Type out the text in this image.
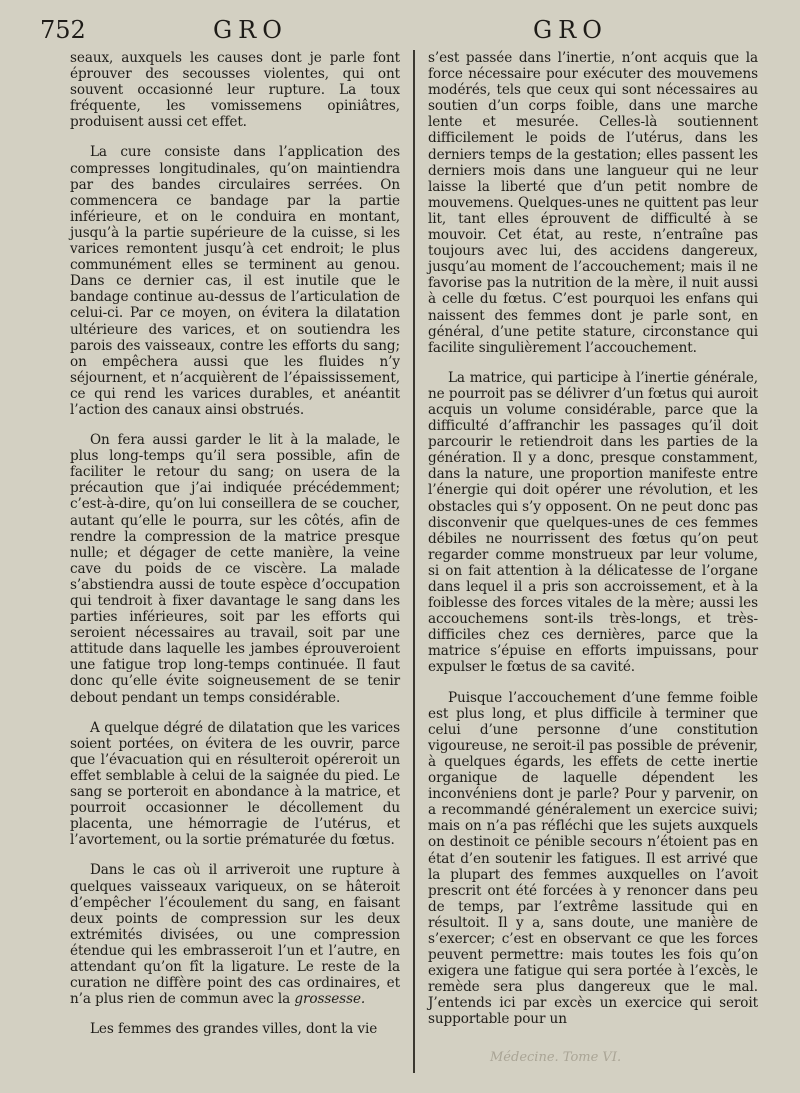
752	GRO	GRO

seaux, auxquels les causes dont je parle font éprouver des secousses violentes, qui ont souvent occasionné leur rupture. La toux fréquente, les vomissemens opiniâtres, produisent aussi cet effet.

La cure consiste dans l’application des compresses longitudinales, qu’on maintiendra par des bandes circulaires serrées. On commencera ce bandage par la partie inférieure, et on le conduira en montant, jusqu’à la partie supérieure de la cuisse, si les varices remontent jusqu’à cet endroit; le plus communément elles se terminent au genou. Dans ce dernier cas, il est inutile que le bandage continue au-dessus de l’articulation de celui-ci. Par ce moyen, on évitera la dilatation ultérieure des varices, et on soutiendra les parois des vaisseaux, contre les efforts du sang; on empêchera aussi que les fluides n’y séjournent, et n’acquièrent de l’épaississement, ce qui rend les varices durables, et anéantit l’action des canaux ainsi obstrués.

On fera aussi garder le lit à la malade, le plus long-temps qu’il sera possible, afin de faciliter le retour du sang; on usera de la précaution que j’ai indiquée précédemment; c’est-à-dire, qu’on lui conseillera de se coucher, autant qu’elle le pourra, sur les côtés, afin de rendre la compression de la matrice presque nulle; et dégager de cette manière, la veine cave du poids de ce viscère. La malade s’abstiendra aussi de toute espèce d’occupation qui tendroit à fixer davantage le sang dans les parties inférieures, soit par les efforts qui seroient nécessaires au travail, soit par une attitude dans laquelle les jambes éprouveroient une fatigue trop long-temps continuée. Il faut donc qu’elle évite soigneusement de se tenir debout pendant un temps considérable.

A quelque dégré de dilatation que les varices soient portées, on évitera de les ouvrir, parce que l’évacuation qui en résulteroit opéreroit un effet semblable à celui de la saignée du pied. Le sang se porteroit en abondance à la matrice, et pourroit occasionner le décollement du placenta, une hémorragie de l’utérus, et l’avortement, ou la sortie prématurée du fœtus.

Dans le cas où il arriveroit une rupture à quelques vaisseaux variqueux, on se hâteroit d’empêcher l’écoulement du sang, en faisant deux points de compression sur les deux extrémités divisées, ou une compression étendue qui les embrasseroit l’un et l’autre, en attendant qu’on fît la ligature. Le reste de la curation ne diffère point des cas ordinaires, et n’a plus rien de commun avec la grossesse.

Les femmes des grandes villes, dont la vie

s’est passée dans l’inertie, n’ont acquis que la force nécessaire pour exécuter des mouvemens modérés, tels que ceux qui sont nécessaires au soutien d’un corps foible, dans une marche lente et mesurée. Celles-là soutiennent difficilement le poids de l’utérus, dans les derniers temps de la gestation; elles passent les derniers mois dans une langueur qui ne leur laisse la liberté que d’un petit nombre de mouvemens. Quelques-unes ne quittent pas leur lit, tant elles éprouvent de difficulté à se mouvoir. Cet état, au reste, n’entraîne pas toujours avec lui, des accidens dangereux, jusqu’au moment de l’accouchement; mais il ne favorise pas la nutrition de la mère, il nuit aussi à celle du fœtus. C’est pourquoi les enfans qui naissent des femmes dont je parle sont, en général, d’une petite stature, circonstance qui facilite singulièrement l’accouchement.

La matrice, qui participe à l’inertie générale, ne pourroit pas se délivrer d’un fœtus qui auroit acquis un volume considérable, parce que la difficulté d’affranchir les passages qu’il doit parcourir le retiendroit dans les parties de la génération. Il y a donc, presque constamment, dans la nature, une proportion manifeste entre l’énergie qui doit opérer une révolution, et les obstacles qui s’y opposent. On ne peut donc pas disconvenir que quelques-unes de ces femmes débiles ne nourrissent des fœtus qu’on peut regarder comme monstrueux par leur volume, si on fait attention à la délicatesse de l’organe dans lequel il a pris son accroissement, et à la foiblesse des forces vitales de la mère; aussi les accouchemens sont-ils très-longs, et très-difficiles chez ces dernières, parce que la matrice s’épuise en efforts impuissans, pour expulser le fœtus de sa cavité.

Puisque l’accouchement d’une femme foible est plus long, et plus difficile à terminer que celui d’une personne d’une constitution vigoureuse, ne seroit-il pas possible de prévenir, à quelques égards, les effets de cette inertie organique de laquelle dépendent les inconvéniens dont je parle? Pour y parvenir, on a recommandé généralement un exercice suivi; mais on n’a pas réfléchi que les sujets auxquels on destinoit ce pénible secours n’étoient pas en état d’en soutenir les fatigues. Il est arrivé que la plupart des femmes auxquelles on l’avoit prescrit ont été forcées à y renoncer dans peu de temps, par l’extrême lassitude qui en résultoit. Il y a, sans doute, une manière de s’exercer; c’est en observant ce que les forces peuvent permettre: mais toutes les fois qu’on exigera une fatigue qui sera portée à l’excès, le remède sera plus dangereux que le mal. J’entends ici par excès un exercice qui seroit supportable pour un

Médecine. Tome VI.
